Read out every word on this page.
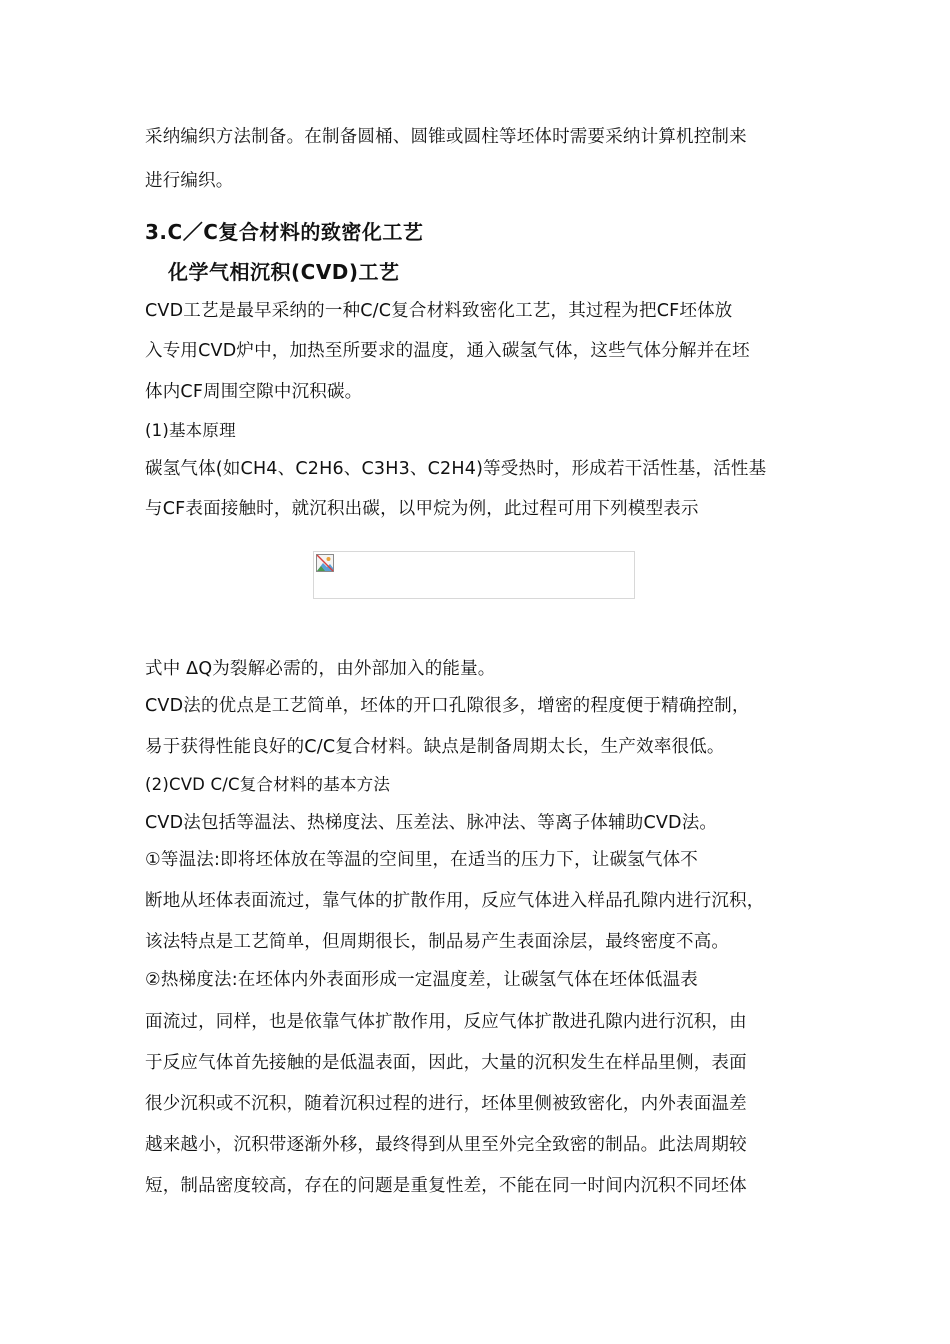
采纳编织方法制备。在制备圆桶、圆锥或圆柱等坯体时需要采纳计算机控制来
进行编织。
3.C／C复合材料的致密化工艺
化学气相沉积(CVD)工艺
CVD工艺是最早采纳的一种C/C复合材料致密化工艺，其过程为把CF坯体放
入专用CVD炉中，加热至所要求的温度，通入碳氢气体，这些气体分解并在坯
体内CF周围空隙中沉积碳。
(1)基本原理
碳氢气体(如CH4、C2H6、C3H3、C2H4)等受热时，形成若干活性基，活性基
与CF表面接触时，就沉积出碳，以甲烷为例，此过程可用下列模型表示
式中 ΔQ为裂解必需的，由外部加入的能量。
CVD法的优点是工艺简单，坯体的开口孔隙很多，增密的程度便于精确控制，
易于获得性能良好的C/C复合材料。缺点是制备周期太长，生产效率很低。
(2)CVD C/C复合材料的基本方法
CVD法包括等温法、热梯度法、压差法、脉冲法、等离子体辅助CVD法。
①等温法:即将坯体放在等温的空间里，在适当的压力下，让碳氢气体不
断地从坯体表面流过，靠气体的扩散作用，反应气体进入样品孔隙内进行沉积，
该法特点是工艺简单，但周期很长，制品易产生表面涂层，最终密度不高。
②热梯度法:在坯体内外表面形成一定温度差，让碳氢气体在坯体低温表
面流过，同样，也是依靠气体扩散作用，反应气体扩散进孔隙内进行沉积，由
于反应气体首先接触的是低温表面，因此，大量的沉积发生在样品里侧，表面
很少沉积或不沉积，随着沉积过程的进行，坯体里侧被致密化，内外表面温差
越来越小，沉积带逐渐外移，最终得到从里至外完全致密的制品。此法周期较
短，制品密度较高，存在的问题是重复性差，不能在同一时间内沉积不同坯体
